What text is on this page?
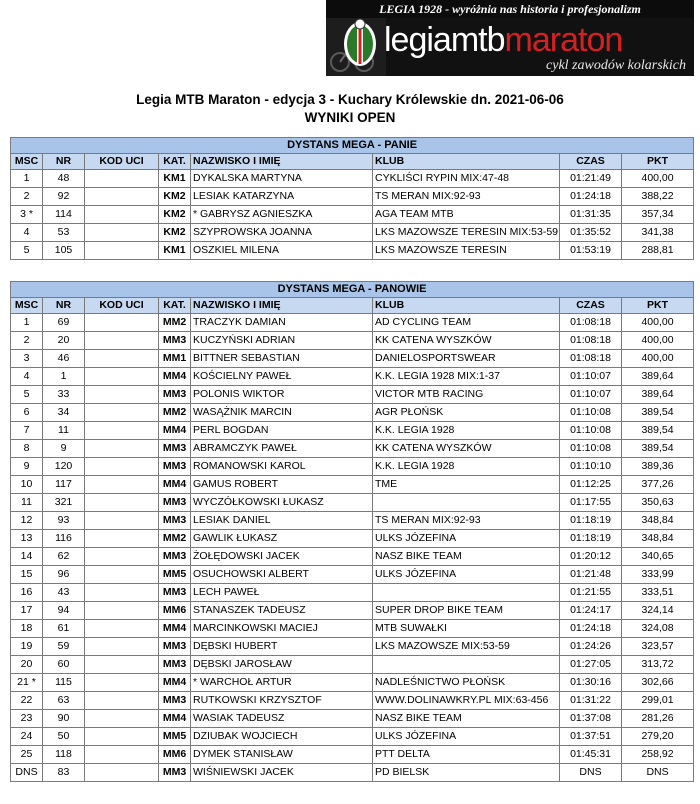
LEGIA 1928 - wyróżnia nas historia i profesjonalizm
legiamtbmaraton
cykl zawodów kolarskich
Legia MTB Maraton - edycja 3 - Kuchary Królewskie dn. 2021-06-06
WYNIKI OPEN
DYSTANS MEGA - PANIE							
MSC	NR	KOD UCI	KAT.	NAZWISKO I IMIĘ	KLUB	CZAS	PKT
1	48		KM1	DYKALSKA MARTYNA	CYKLIŚCI RYPIN MIX:47-48	01:21:49	400,00
2	92		KM2	LESIAK KATARZYNA	TS MERAN MIX:92-93	01:24:18	388,22
3 *	114		KM2	* GABRYSZ AGNIESZKA	AGA TEAM MTB	01:31:35	357,34
4	53		KM2	SZYPROWSKA JOANNA	LKS MAZOWSZE TERESIN MIX:53-59	01:35:52	341,38
5	105		KM1	OSZKIEL MILENA	LKS MAZOWSZE TERESIN	01:53:19	288,81
DYSTANS MEGA - PANOWIE							
MSC	NR	KOD UCI	KAT.	NAZWISKO I IMIĘ	KLUB	CZAS	PKT
1	69		MM2	TRACZYK DAMIAN	AD CYCLING TEAM	01:08:18	400,00
2	20		MM3	KUCZYŃSKI ADRIAN	KK CATENA WYSZKÓW	01:08:18	400,00
3	46		MM1	BITTNER SEBASTIAN	DANIELOSPORTSWEAR	01:08:18	400,00
4	1		MM4	KOŚCIELNY PAWEŁ	K.K. LEGIA 1928 MIX:1-37	01:10:07	389,64
5	33		MM3	POLONIS WIKTOR	VICTOR MTB RACING	01:10:07	389,64
6	34		MM2	WASĄŻNIK MARCIN	AGR PŁOŃSK	01:10:08	389,54
7	11		MM4	PERL BOGDAN	K.K. LEGIA 1928	01:10:08	389,54
8	9		MM3	ABRAMCZYK PAWEŁ	KK CATENA WYSZKÓW	01:10:08	389,54
9	120		MM3	ROMANOWSKI KAROL	K.K. LEGIA 1928	01:10:10	389,36
10	117		MM4	GAMUS ROBERT	TME	01:12:25	377,26
11	321		MM3	WYCZÓŁKOWSKI ŁUKASZ		01:17:55	350,63
12	93		MM3	LESIAK DANIEL	TS MERAN MIX:92-93	01:18:19	348,84
13	116		MM2	GAWLIK ŁUKASZ	ULKS JÓZEFINA	01:18:19	348,84
14	62		MM3	ŻOŁĘDOWSKI JACEK	NASZ BIKE TEAM	01:20:12	340,65
15	96		MM5	OSUCHOWSKI ALBERT	ULKS JÓZEFINA	01:21:48	333,99
16	43		MM3	LECH PAWEŁ		01:21:55	333,51
17	94		MM6	STANASZEK TADEUSZ	SUPER DROP BIKE TEAM	01:24:17	324,14
18	61		MM4	MARCINKOWSKI MACIEJ	MTB SUWAŁKI	01:24:18	324,08
19	59		MM3	DĘBSKI HUBERT	LKS MAZOWSZE MIX:53-59	01:24:26	323,57
20	60		MM3	DĘBSKI JAROSŁAW		01:27:05	313,72
21 *	115		MM4	* WARCHOŁ ARTUR	NADLEŚNICTWO PŁOŃSK	01:30:16	302,66
22	63		MM3	RUTKOWSKI KRZYSZTOF	WWW.DOLINAWKRY.PL MIX:63-456	01:31:22	299,01
23	90		MM4	WASIAK TADEUSZ	NASZ BIKE TEAM	01:37:08	281,26
24	50		MM5	DZIUBAK WOJCIECH	ULKS JÓZEFINA	01:37:51	279,20
25	118		MM6	DYMEK STANISŁAW	PTT DELTA	01:45:31	258,92
DNS	83		MM3	WIŚNIEWSKI JACEK	PD BIELSK	DNS	DNS
